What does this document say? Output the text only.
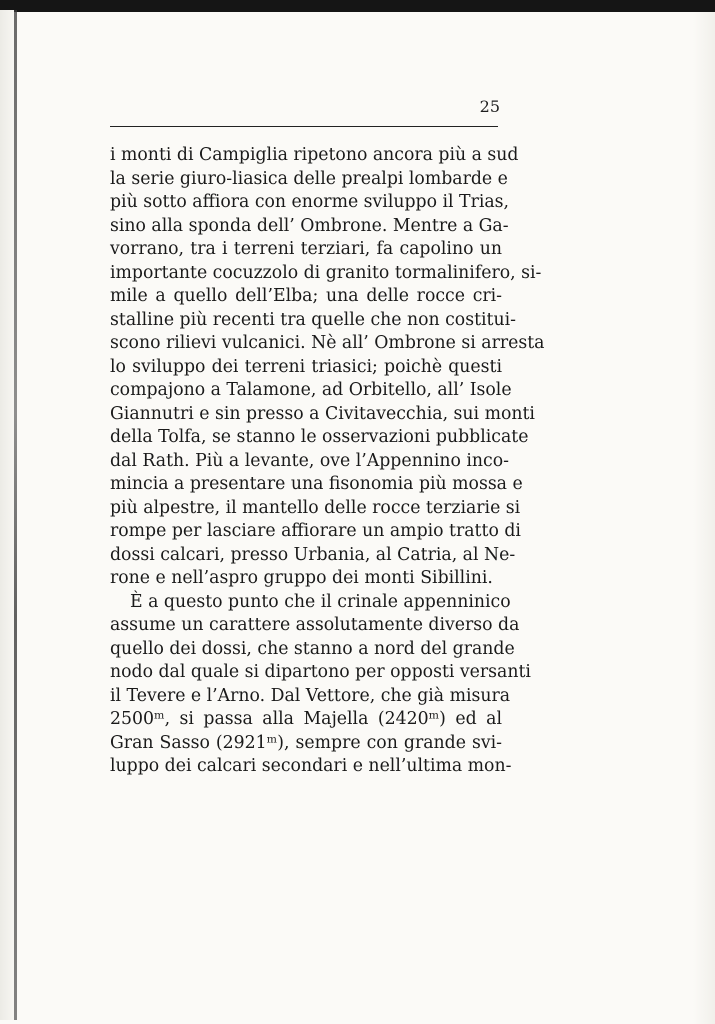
25
i monti di Campiglia ripetono ancora più a sud
la serie giuro-liasica delle prealpi lombarde e
più sotto affiora con enorme sviluppo il Trias,
sino alla sponda dell’ Ombrone. Mentre a Ga-
vorrano, tra i terreni terziari, fa capolino un
importante cocuzzolo di granito tormalinifero, si-
mile a quello dell’Elba; una delle rocce cri-
stalline più recenti tra quelle che non costitui-
scono rilievi vulcanici. Nè all’ Ombrone si arresta
lo sviluppo dei terreni triasici; poichè questi
compajono a Talamone, ad Orbitello, all’ Isole
Giannutri e sin presso a Civitavecchia, sui monti
della Tolfa, se stanno le osservazioni pubblicate
dal Rath. Più a levante, ove l’Appennino inco-
mincia a presentare una fisonomia più mossa e
più alpestre, il mantello delle rocce terziarie si
rompe per lasciare affiorare un ampio tratto di
dossi calcari, presso Urbania, al Catria, al Ne-
rone e nell’aspro gruppo dei monti Sibillini.
È a questo punto che il crinale appenninico
assume un carattere assolutamente diverso da
quello dei dossi, che stanno a nord del grande
nodo dal quale si dipartono per opposti versanti
il Tevere e l’Arno. Dal Vettore, che già misura
2500ᵐ, si passa alla Majella (2420ᵐ) ed al
Gran Sasso (2921ᵐ), sempre con grande svi-
luppo dei calcari secondari e nell’ultima mon-
